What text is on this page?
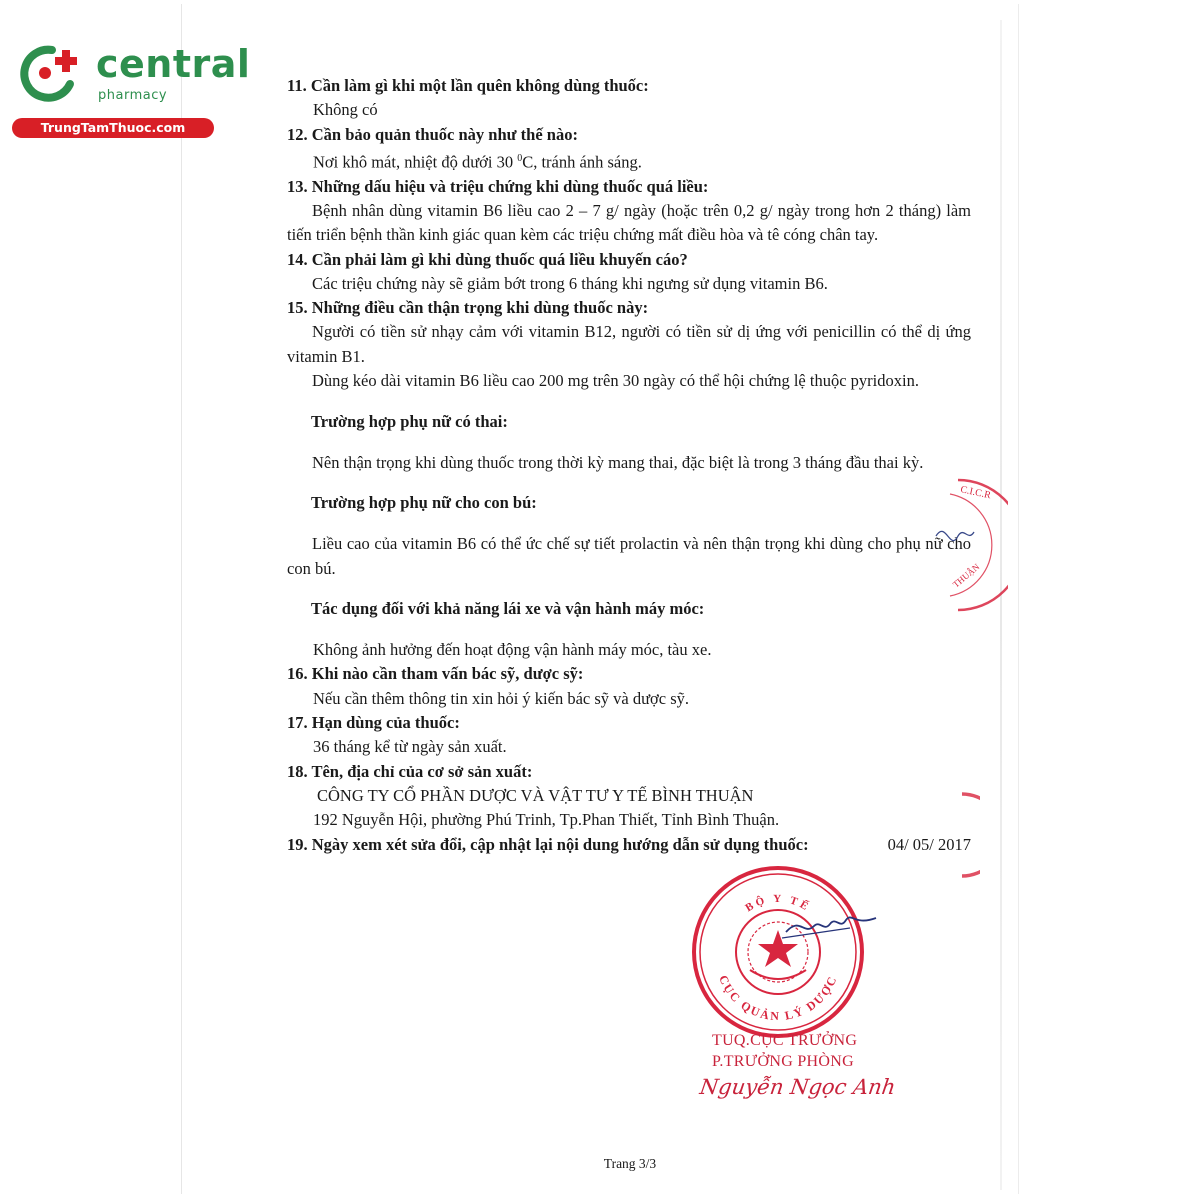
central
pharmacy
TrungTamThuoc.com

11. Cần làm gì khi một lần quên không dùng thuốc:

Không có

12. Cần bảo quản thuốc này như thế nào:

Nơi khô mát, nhiệt độ dưới 30 $^0$C, tránh ánh sáng.

13. Những dấu hiệu và triệu chứng khi dùng thuốc quá liều:

Bệnh nhân dùng vitamin B6 liều cao 2 – 7 g/ ngày (hoặc trên 0,2 g/ ngày trong hơn 2 tháng) làm tiến triển bệnh thần kinh giác quan kèm các triệu chứng mất điều hòa và tê cóng chân tay.

14. Cần phải làm gì khi dùng thuốc quá liều khuyến cáo?

Các triệu chứng này sẽ giảm bớt trong 6 tháng khi ngưng sử dụng vitamin B6.

15. Những điều cần thận trọng khi dùng thuốc này:

Người có tiền sử nhạy cảm với vitamin B12, người có tiền sử dị ứng với penicillin có thể dị ứng vitamin B1.

Dùng kéo dài vitamin B6 liều cao 200 mg trên 30 ngày có thể hội chứng lệ thuộc pyridoxin.

Trường hợp phụ nữ có thai:

Nên thận trọng khi dùng thuốc trong thời kỳ mang thai, đặc biệt là trong 3 tháng đầu thai kỳ.

Trường hợp phụ nữ cho con bú:

Liều cao của vitamin B6 có thể ức chế sự tiết prolactin và nên thận trọng khi dùng cho phụ nữ cho con bú.

Tác dụng đối với khả năng lái xe và vận hành máy móc:

Không ảnh hưởng đến hoạt động vận hành máy móc, tàu xe.

16. Khi nào cần tham vấn bác sỹ, dược sỹ:

Nếu cần thêm thông tin xin hỏi ý kiến bác sỹ và dược sỹ.

17. Hạn dùng của thuốc:

36 tháng kể từ ngày sản xuất.

18. Tên, địa chỉ của cơ sở sản xuất:

CÔNG TY CỔ PHẦN DƯỢC VÀ VẬT TƯ Y TẾ BÌNH THUẬN

192 Nguyễn Hội, phường Phú Trinh, Tp.Phan Thiết, Tỉnh Bình Thuận.

19. Ngày xem xét sửa đổi, cập nhật lại nội dung hướng dẫn sử dụng thuốc:	04/ 05/ 2017
C.I.C.R
THUẬN
BỘ Y TẾ
CỤC QUẢN LÝ DƯỢC
TUQ.CỤC TRƯỞNG
P.TRƯỞNG PHÒNG
Nguyễn Ngọc Anh
Trang 3/3
